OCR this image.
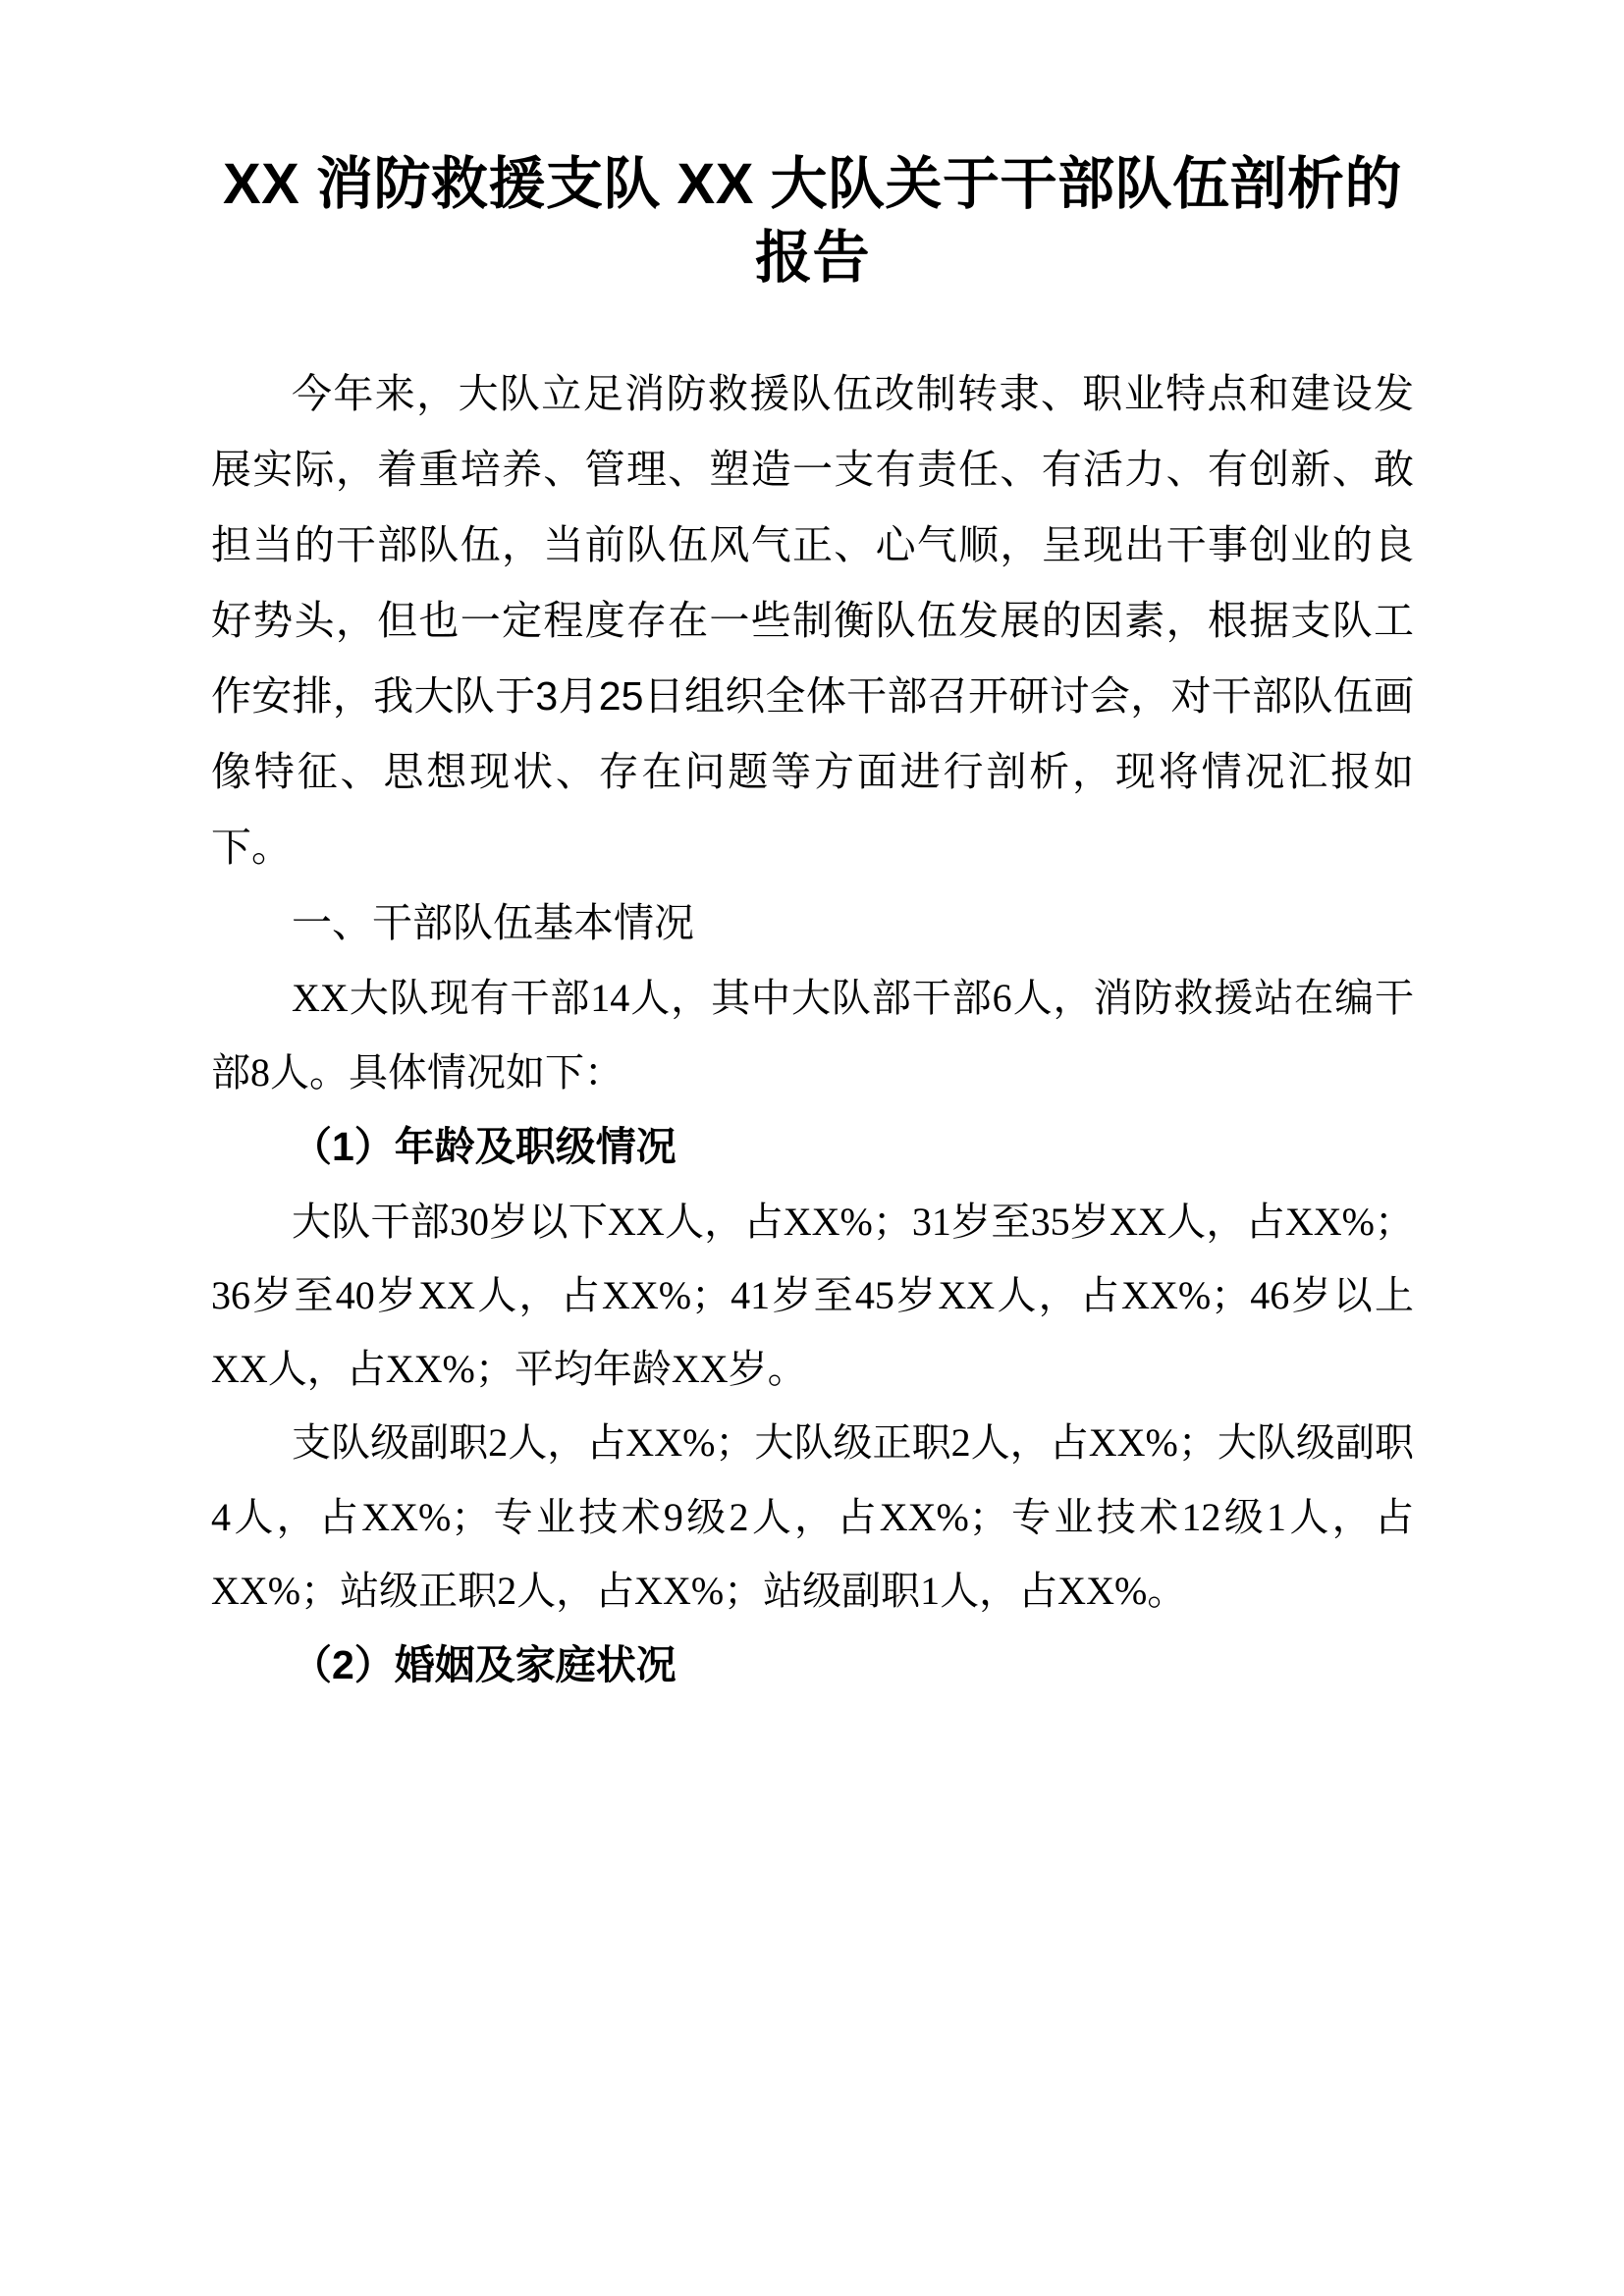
XX 消防救援支队 XX 大队关于干部队伍剖析的报告

今年来，大队立足消防救援队伍改制转隶、职业特点和建设发展实际，着重培养、管理、塑造一支有责任、有活力、有创新、敢担当的干部队伍，当前队伍风气正、心气顺，呈现出干事创业的良好势头，但也一定程度存在一些制衡队伍发展的因素，根据支队工作安排，我大队于3月25日组织全体干部召开研讨会，对干部队伍画像特征、思想现状、存在问题等方面进行剖析，现将情况汇报如下。

一、干部队伍基本情况

XX大队现有干部14人，其中大队部干部6人，消防救援站在编干部8人。具体情况如下：

（1）年龄及职级情况

大队干部30岁以下XX人，占XX%；31岁至35岁XX人，占XX%；36岁至40岁XX人，占XX%；41岁至45岁XX人，占XX%；46岁以上XX人，占XX%；平均年龄XX岁。

支队级副职2人，占XX%；大队级正职2人，占XX%；大队级副职4人，占XX%；专业技术9级2人，占XX%；专业技术12级1人，占XX%；站级正职2人，占XX%；站级副职1人，占XX%。

（2）婚姻及家庭状况
